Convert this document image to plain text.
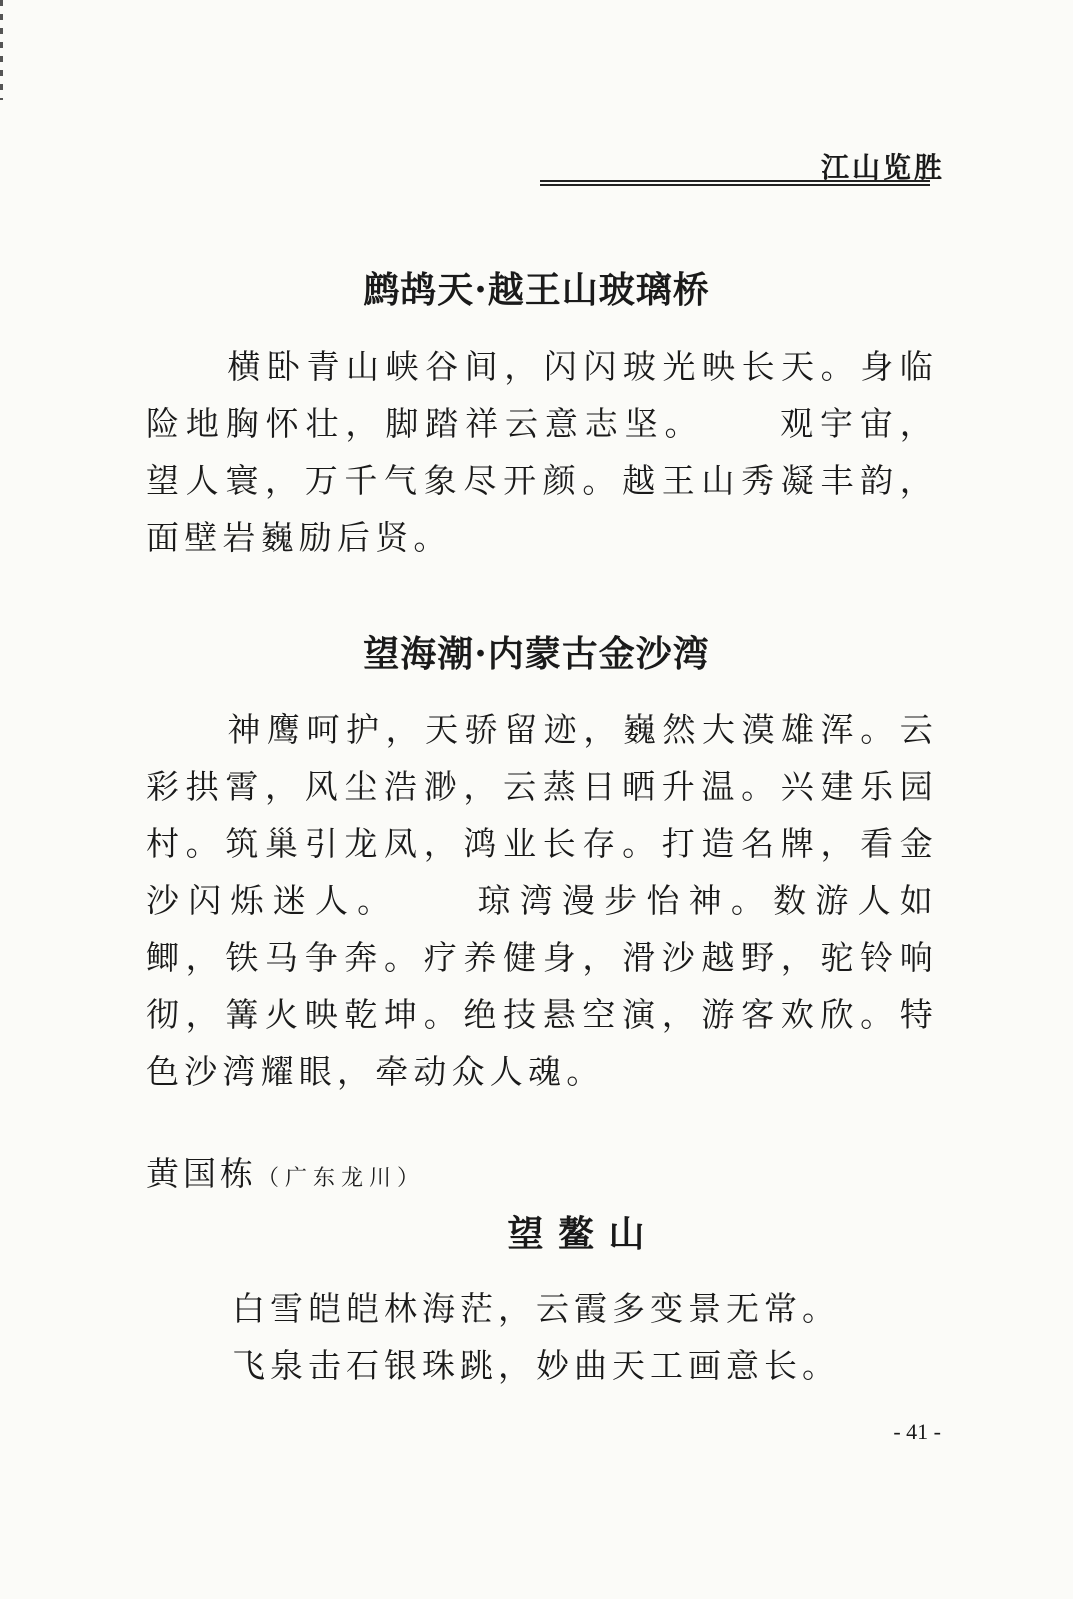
江山览胜
鹧鸪天·越王山玻璃桥

横卧青山峡谷间，闪闪玻光映长天。身临险地胸怀壮，脚踏祥云意志坚。 观宇宙，望人寰，万千气象尽开颜。越王山秀凝丰韵，面壁岩巍励后贤。

望海潮·内蒙古金沙湾

神鹰呵护，天骄留迹，巍然大漠雄浑。云彩拱霄，风尘浩渺，云蒸日晒升温。兴建乐园村。筑巢引龙凤，鸿业长存。打造名牌，看金沙闪烁迷人。 琼湾漫步怡神。数游人如鲫，铁马争奔。疗养健身，滑沙越野，驼铃响彻，篝火映乾坤。绝技悬空演，游客欢欣。特色沙湾耀眼，牵动众人魂。

黄国栋（广东龙川）
望 鳌 山
白雪皑皑林海茫，云霞多变景无常。
飞泉击石银珠跳，妙曲天工画意长。
- 41 -
